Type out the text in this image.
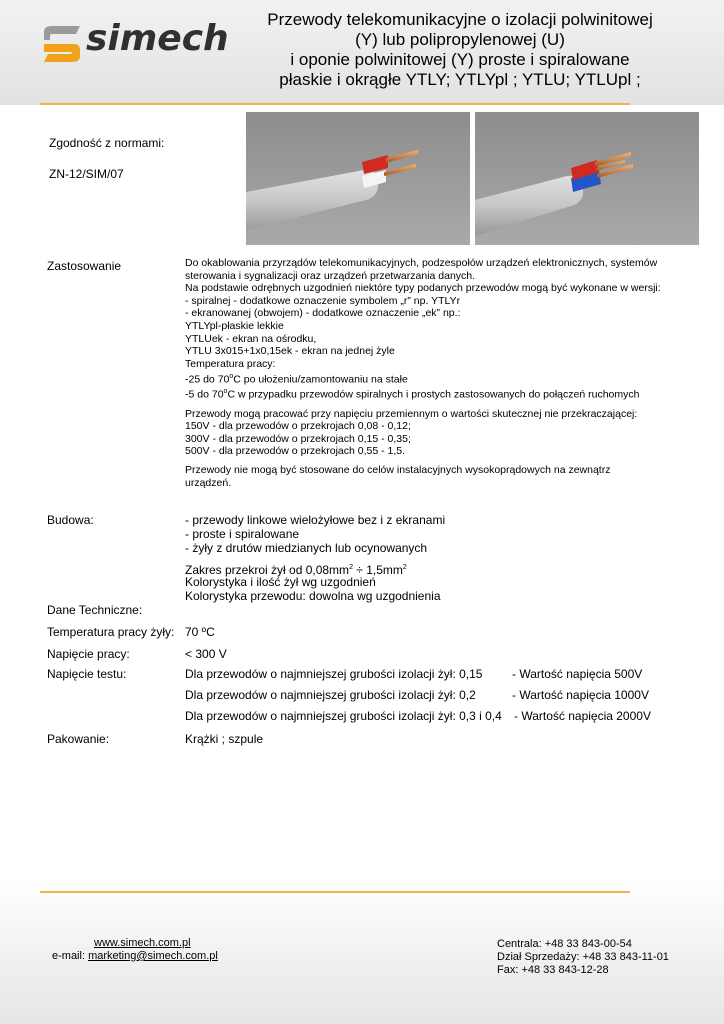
simech	Przewody telekomunikacyjne o izolacji polwinitowej
(Y) lub polipropylenowej (U)
i oponie polwinitowej (Y) proste i spiralowane
płaskie i okrągłe YTLY; YTLYpl ; YTLU; YTLUpl ;
Zgodność z normami:
ZN-12/SIM/07
Zastosowanie	Do okablowania przyrządów telekomunikacyjnych, podzespołów urządzeń elektronicznych, systemów
sterowania i sygnalizacji oraz urządzeń przetwarzania danych.
Na podstawie odrębnych uzgodnień niektóre typy podanych przewodów mogą być wykonane w wersji:
- spiralnej - dodatkowe oznaczenie symbolem „r” np. YTLYr
- ekranowanej (obwojem) - dodatkowe oznaczenie „ek” np.:
YTLYpl-płaskie lekkie
YTLUek - ekran na ośrodku,
YTLU 3x015+1x0,15ek - ekran na jednej żyle
Temperatura pracy:
-25 do 70$^o$C po ułożeniu/zamontowaniu na stałe
-5 do 70$^o$C w przypadku przewodów spiralnych i prostych zastosowanych do połączeń ruchomych
Przewody mogą pracować przy napięciu przemiennym o wartości skutecznej nie przekraczającej:
150V - dla przewodów o przekrojach 0,08 - 0,12;
300V - dla przewodów o przekrojach 0,15 - 0,35;
500V - dla przewodów o przekrojach 0,55 - 1,5.
Przewody nie mogą być stosowane do celów instalacyjnych wysokoprądowych na zewnątrz
urządzeń.
Budowa:	- przewody linkowe wielożyłowe bez i z ekranami
- proste i spiralowane
- żyły z drutów miedzianych lub ocynowanych
Zakres przekroi żył od $0,08mm^2 \div 1,5mm^2$
Kolorystyka i ilość żył wg uzgodnień
Kolorystyka przewodu: dowolna wg uzgodnienia
Dane Techniczne:
Temperatura pracy żyły: 70 ºC
Napięcie pracy:	< 300 V
Napięcie testu:	Dla przewodów o najmniejszej grubości izolacji żył: 0,15 - Wartość napięcia 500V
Dla przewodów o najmniejszej grubości izolacji żył: 0,2	- Wartość napięcia 1000V
Dla przewodów o najmniejszej grubości izolacji żył: 0,3 i 0,4 - Wartość napięcia 2000V
Pakowanie:	Krążki ; szpule
www.simech.com.pl
e-mail: marketing@simech.com.pl
Centrala: +48 33 843-00-54
Dział Sprzedaży: +48 33 843-11-01
Fax: +48 33 843-12-28
